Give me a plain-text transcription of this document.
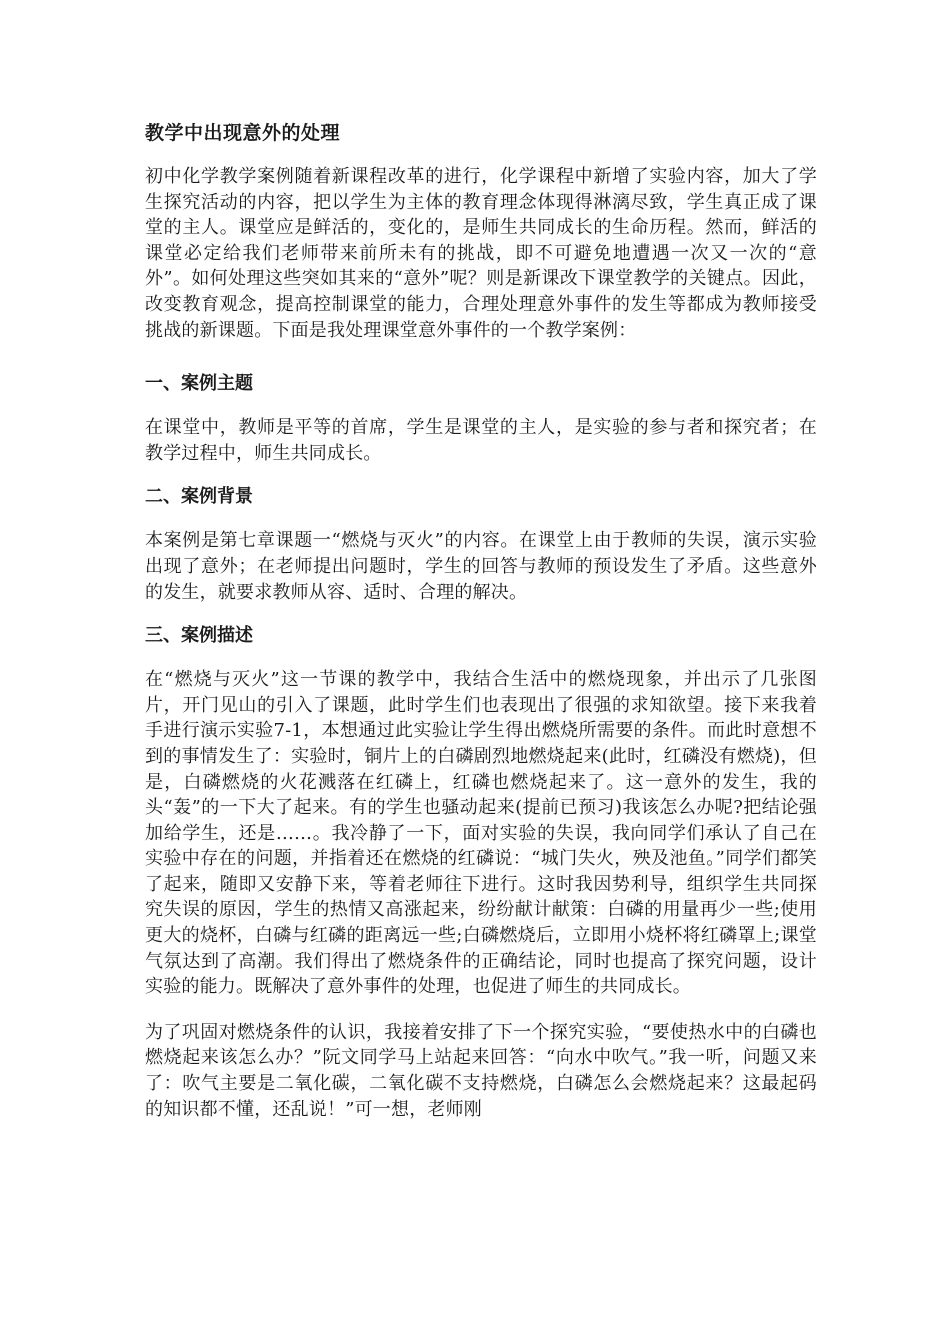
教学中出现意外的处理

初中化学教学案例随着新课程改革的进行，化学课程中新增了实验内容，加大了学生探究活动的内容，把以学生为主体的教育理念体现得淋漓尽致，学生真正成了课堂的主人。课堂应是鲜活的，变化的，是师生共同成长的生命历程。然而，鲜活的课堂必定给我们老师带来前所未有的挑战，即不可避免地遭遇一次又一次的“意外”。如何处理这些突如其来的“意外”呢？则是新课改下课堂教学的关键点。因此，改变教育观念，提高控制课堂的能力，合理处理意外事件的发生等都成为教师接受挑战的新课题。下面是我处理课堂意外事件的一个教学案例：

一、案例主题

在课堂中，教师是平等的首席，学生是课堂的主人，是实验的参与者和探究者；在教学过程中，师生共同成长。

二、案例背景

本案例是第七章课题一“燃烧与灭火”的内容。在课堂上由于教师的失误，演示实验出现了意外；在老师提出问题时，学生的回答与教师的预设发生了矛盾。这些意外的发生，就要求教师从容、适时、合理的解决。

三、案例描述

在“燃烧与灭火”这一节课的教学中，我结合生活中的燃烧现象，并出示了几张图片，开门见山的引入了课题，此时学生们也表现出了很强的求知欲望。接下来我着手进行演示实验7-1，本想通过此实验让学生得出燃烧所需要的条件。而此时意想不到的事情发生了：实验时，铜片上的白磷剧烈地燃烧起来(此时，红磷没有燃烧)，但是，白磷燃烧的火花溅落在红磷上，红磷也燃烧起来了。这一意外的发生，我的头“轰”的一下大了起来。有的学生也骚动起来(提前已预习)我该怎么办呢?把结论强加给学生，还是……。我冷静了一下，面对实验的失误，我向同学们承认了自己在实验中存在的问题，并指着还在燃烧的红磷说：“城门失火，殃及池鱼。”同学们都笑了起来，随即又安静下来，等着老师往下进行。这时我因势利导，组织学生共同探究失误的原因，学生的热情又高涨起来，纷纷献计献策：白磷的用量再少一些;使用更大的烧杯，白磷与红磷的距离远一些;白磷燃烧后，立即用小烧杯将红磷罩上;课堂气氛达到了高潮。我们得出了燃烧条件的正确结论，同时也提高了探究问题，设计实验的能力。既解决了意外事件的处理，也促进了师生的共同成长。

为了巩固对燃烧条件的认识，我接着安排了下一个探究实验，“要使热水中的白磷也燃烧起来该怎么办？”阮文同学马上站起来回答：“向水中吹气。”我一听，问题又来了：吹气主要是二氧化碳，二氧化碳不支持燃烧，白磷怎么会燃烧起来？这最起码的知识都不懂，还乱说！”可一想，老师刚
